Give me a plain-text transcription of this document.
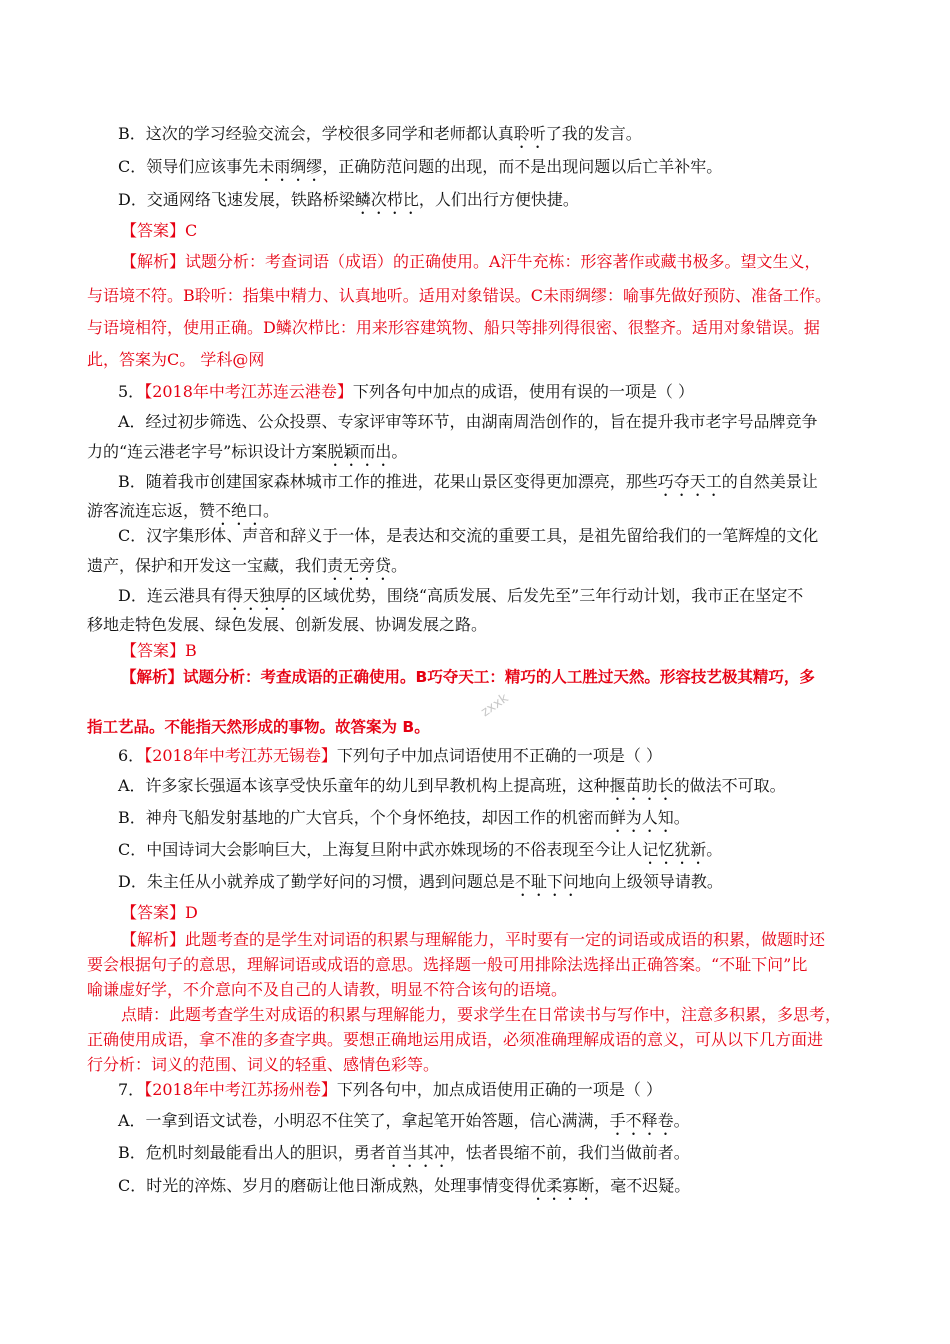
zxxk
B．这次的学习经验交流会，学校很多同学和老师都认真聆听了我的发言。
C．领导们应该事先未雨绸缪，正确防范问题的出现，而不是出现问题以后亡羊补牢。
D．交通网络飞速发展，铁路桥梁鳞次栉比，人们出行方便快捷。
【答案】C
【解析】试题分析：考查词语（成语）的正确使用。A汗牛充栋：形容著作或藏书极多。望文生义，
与语境不符。B聆听：指集中精力、认真地听。适用对象错误。C未雨绸缪：喻事先做好预防、准备工作。
与语境相符，使用正确。D鳞次栉比：用来形容建筑物、船只等排列得很密、很整齐。适用对象错误。据
此，答案为C。 学科@网
5．【2018年中考江苏连云港卷】下列各句中加点的成语，使用有误的一项是（ ）
A．经过初步筛选、公众投票、专家评审等环节，由湖南周浩创作的，旨在提升我市老字号品牌竞争
力的“连云港老字号”标识设计方案脱颖而出。
B．随着我市创建国家森林城市工作的推进，花果山景区变得更加漂亮，那些巧夺天工的自然美景让
游客流连忘返，赞不绝口。
C．汉字集形体、声音和辞义于一体，是表达和交流的重要工具，是祖先留给我们的一笔辉煌的文化
遗产，保护和开发这一宝藏，我们责无旁贷。
D．连云港具有得天独厚的区域优势，围绕“高质发展、后发先至”三年行动计划，我市正在坚定不
移地走特色发展、绿色发展、创新发展、协调发展之路。
【答案】B
【解析】试题分析：考查成语的正确使用。B巧夺天工：精巧的人工胜过天然。形容技艺极其精巧，多
指工艺品。不能指天然形成的事物。故答案为 B。
6．【2018年中考江苏无锡卷】下列句子中加点词语使用不正确的一项是（ ）
A．许多家长强逼本该享受快乐童年的幼儿到早教机构上提高班，这种揠苗助长的做法不可取。
B．神舟飞船发射基地的广大官兵，个个身怀绝技，却因工作的机密而鲜为人知。
C．中国诗词大会影响巨大，上海复旦附中武亦姝现场的不俗表现至今让人记忆犹新。
D．朱主任从小就养成了勤学好问的习惯，遇到问题总是不耻下问地向上级领导请教。
【答案】D
【解析】此题考查的是学生对词语的积累与理解能力，平时要有一定的词语或成语的积累，做题时还
要会根据句子的意思，理解词语或成语的意思。选择题一般可用排除法选择出正确答案。“不耻下问”比
喻谦虚好学，不介意向不及自己的人请教，明显不符合该句的语境。
点睛：此题考查学生对成语的积累与理解能力，要求学生在日常读书与写作中，注意多积累，多思考，
正确使用成语，拿不准的多查字典。要想正确地运用成语，必须准确理解成语的意义，可从以下几方面进
行分析：词义的范围、词义的轻重、感情色彩等。
7．【2018年中考江苏扬州卷】下列各句中，加点成语使用正确的一项是（ ）
A．一拿到语文试卷，小明忍不住笑了，拿起笔开始答题，信心满满，手不释卷。
B．危机时刻最能看出人的胆识，勇者首当其冲，怯者畏缩不前，我们当做前者。
C．时光的淬炼、岁月的磨砺让他日渐成熟，处理事情变得优柔寡断，毫不迟疑。
